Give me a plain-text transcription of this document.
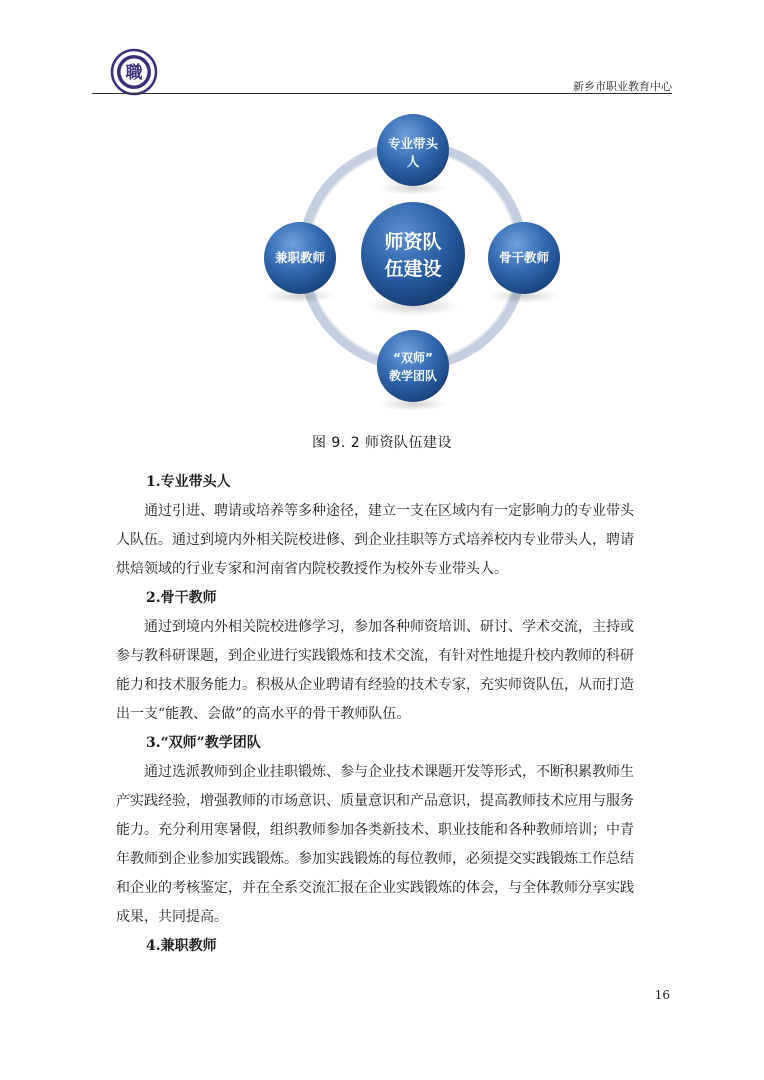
職
新乡市职业教育中心
师资队
伍建设
专业带头
人
骨干教师
“双师”
教学团队
兼职教师
图 9. 2 师资队伍建设
1.专业带头人
通过引进、聘请或培养等多种途径，建立一支在区域内有一定影响力的专业带头
人队伍。通过到境内外相关院校进修、到企业挂职等方式培养校内专业带头人，聘请
烘焙领域的行业专家和河南省内院校教授作为校外专业带头人。
2.骨干教师
通过到境内外相关院校进修学习，参加各种师资培训、研讨、学术交流，主持或
参与教科研课题，到企业进行实践锻炼和技术交流，有针对性地提升校内教师的科研
能力和技术服务能力。积极从企业聘请有经验的技术专家，充实师资队伍，从而打造
出一支“能教、会做”的高水平的骨干教师队伍。
3.“双师”教学团队
通过选派教师到企业挂职锻炼、参与企业技术课题开发等形式，不断积累教师生
产实践经验，增强教师的市场意识、质量意识和产品意识，提高教师技术应用与服务
能力。充分利用寒暑假，组织教师参加各类新技术、职业技能和各种教师培训；中青
年教师到企业参加实践锻炼。参加实践锻炼的每位教师，必须提交实践锻炼工作总结
和企业的考核鉴定，并在全系交流汇报在企业实践锻炼的体会，与全体教师分享实践
成果，共同提高。
4.兼职教师
16
